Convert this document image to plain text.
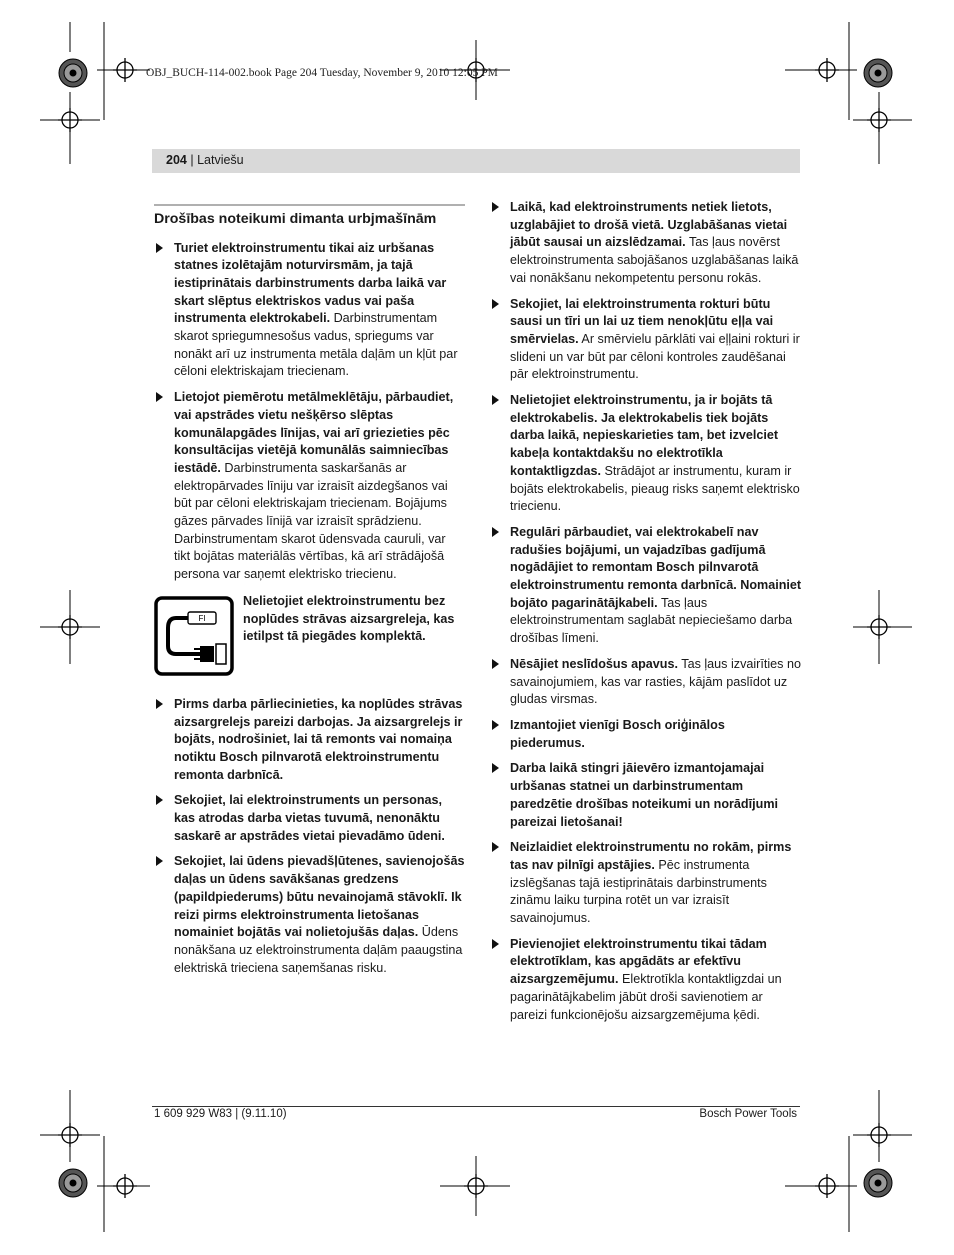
OBJ_BUCH-114-002.book Page 204 Tuesday, November 9, 2010 12:05 PM
204 | Latviešu
Drošības noteikumi dimanta urbjmašīnām
Turiet elektroinstrumentu tikai aiz urbšanas statnes izolētajām noturvirsmām, ja tajā iestiprinātais darbinstruments darba laikā var skart slēptus elektriskos vadus vai paša instrumenta elektrokabeli. Darbinstrumentam skarot spriegumnesošus vadus, spriegums var nonākt arī uz instrumenta metāla daļām un kļūt par cēloni elektriskajam triecienam.
Lietojot piemērotu metālmeklētāju, pārbaudiet, vai apstrādes vietu nešķērso slēptas komunālapgādes līnijas, vai arī griezieties pēc konsultācijas vietējā komunālās saimniecības iestādē. Darbinstrumenta saskaršanās ar elektropārvades līniju var izraisīt aizdegšanos vai būt par cēloni elektriskajam triecienam. Bojājums gāzes pārvades līnijā var izraisīt sprādzienu. Darbinstrumentam skarot ūdensvada cauruli, var tikt bojātas materiālās vērtības, kā arī strādājošā persona var saņemt elektrisko triecienu.
FI
Nelietojiet elektroinstrumentu bez noplūdes strāvas aizsargreleja, kas ietilpst tā piegādes komplektā.
Pirms darba pārliecinieties, ka noplūdes strāvas aizsargrelejs pareizi darbojas. Ja aizsargrelejs ir bojāts, nodrošiniet, lai tā remonts vai nomaiņa notiktu Bosch pilnvarotā elektroinstrumentu remonta darbnīcā.
Sekojiet, lai elektroinstruments un personas, kas atrodas darba vietas tuvumā, nenonāktu saskarē ar apstrādes vietai pievadāmo ūdeni.
Sekojiet, lai ūdens pievadšļūtenes, savienojošās daļas un ūdens savākšanas gredzens (papildpiederums) būtu nevainojamā stāvoklī. Ik reizi pirms elektroinstrumenta lietošanas nomainiet bojātās vai nolietojušās daļas. Ūdens nonākšana uz elektroinstrumenta daļām paaugstina elektriskā trieciena saņemšanas risku.
Laikā, kad elektroinstruments netiek lietots, uzglabājiet to drošā vietā. Uzglabāšanas vietai jābūt sausai un aizslēdzamai. Tas ļaus novērst elektroinstrumenta sabojāšanos uzglabāšanas laikā vai nonākšanu nekompetentu personu rokās.
Sekojiet, lai elektroinstrumenta rokturi būtu sausi un tīri un lai uz tiem nenokļūtu eļļa vai smērvielas. Ar smērvielu pārklāti vai eļļaini rokturi ir slideni un var būt par cēloni kontroles zaudēšanai pār elektroinstrumentu.
Nelietojiet elektroinstrumentu, ja ir bojāts tā elektrokabelis. Ja elektrokabelis tiek bojāts darba laikā, nepieskarieties tam, bet izvelciet kabeļa kontaktdakšu no elektrotīkla kontaktligzdas. Strādājot ar instrumentu, kuram ir bojāts elektrokabelis, pieaug risks saņemt elektrisko triecienu.
Regulāri pārbaudiet, vai elektrokabelī nav radušies bojājumi, un vajadzības gadījumā nogādājiet to remontam Bosch pilnvarotā elektroinstrumentu remonta darbnīcā. Nomainiet bojāto pagarinātājkabeli. Tas ļaus elektroinstrumentam saglabāt nepieciešamo darba drošības līmeni.
Nēsājiet neslīdošus apavus. Tas ļaus izvairīties no savainojumiem, kas var rasties, kājām paslīdot uz gludas virsmas.
Izmantojiet vienīgi Bosch oriģinālos piederumus.
Darba laikā stingri jāievēro izmantojamajai urbšanas statnei un darbinstrumentam paredzētie drošības noteikumi un norādījumi pareizai lietošanai!
Neizlaidiet elektroinstrumentu no rokām, pirms tas nav pilnīgi apstājies. Pēc instrumenta izslēgšanas tajā iestiprinātais darbinstruments zināmu laiku turpina rotēt un var izraisīt savainojumus.
Pievienojiet elektroinstrumentu tikai tādam elektrotīklam, kas apgādāts ar efektīvu aizsargzemējumu. Elektrotīkla kontaktligzdai un pagarinātājkabelim jābūt droši savienotiem ar pareizi funkcionējošu aizsargzemējuma ķēdi.
1 609 929 W83 | (9.11.10)	Bosch Power Tools
